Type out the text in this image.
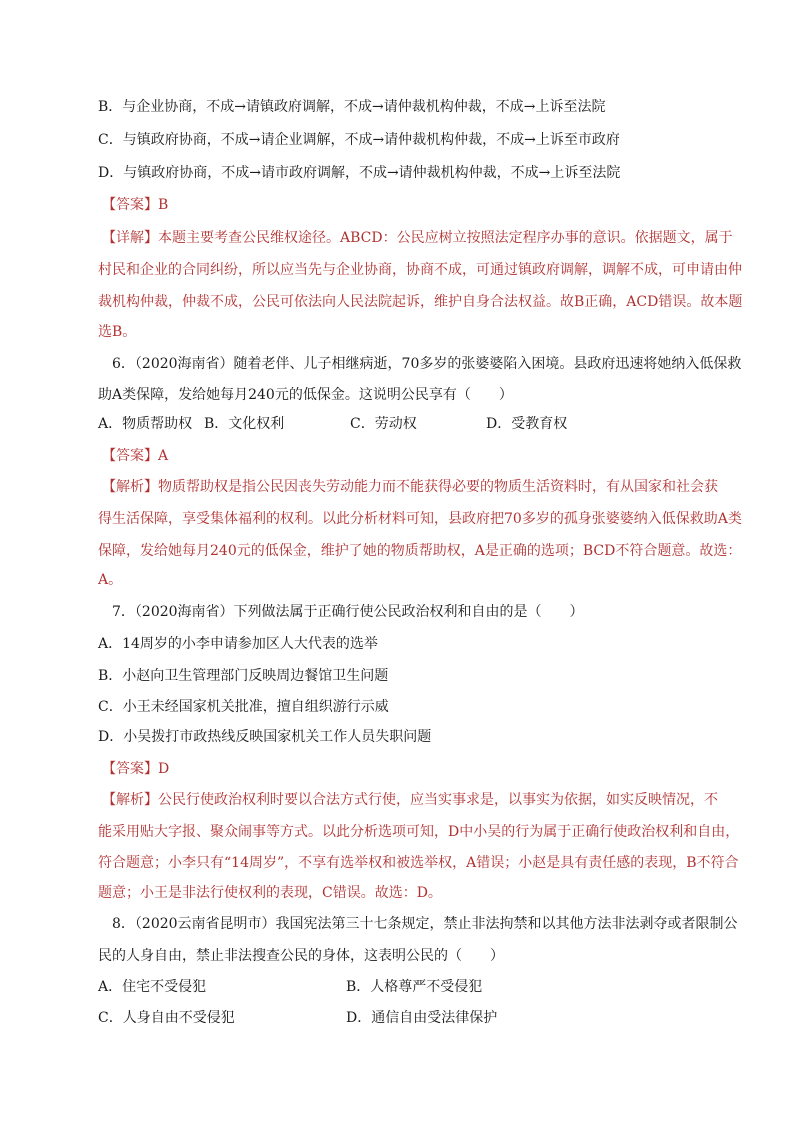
B．与企业协商，不成→请镇政府调解，不成→请仲裁机构仲裁，不成→上诉至法院
C．与镇政府协商，不成→请企业调解，不成→请仲裁机构仲裁，不成→上诉至市政府
D．与镇政府协商，不成→请市政府调解，不成→请仲裁机构仲裁，不成→上诉至法院
【答案】B
【详解】本题主要考查公民维权途径。ABCD：公民应树立按照法定程序办事的意识。依据题文，属于
村民和企业的合同纠纷，所以应当先与企业协商，协商不成，可通过镇政府调解，调解不成，可申请由仲
裁机构仲裁，仲裁不成，公民可依法向人民法院起诉，维护自身合法权益。故B正确，ACD错误。故本题
选B。
6．（2020海南省）随着老伴、儿子相继病逝，70多岁的张婆婆陷入困境。县政府迅速将她纳入低保救
助A类保障，发给她每月240元的低保金。这说明公民享有（　　）
A．物质帮助权 B．文化权利	C．劳动权	D．受教育权
【答案】A
【解析】物质帮助权是指公民因丧失劳动能力而不能获得必要的物质生活资料时，有从国家和社会获
得生活保障，享受集体福利的权利。以此分析材料可知，县政府把70多岁的孤身张婆婆纳入低保救助A类
保障，发给她每月240元的低保金，维护了她的物质帮助权，A是正确的选项；BCD不符合题意。故选：
A。
7．（2020海南省）下列做法属于正确行使公民政治权利和自由的是（　　）
A．14周岁的小李申请参加区人大代表的选举
B．小赵向卫生管理部门反映周边餐馆卫生问题
C．小王未经国家机关批准，擅自组织游行示威
D．小吴拨打市政热线反映国家机关工作人员失职问题
【答案】D
【解析】公民行使政治权利时要以合法方式行使，应当实事求是，以事实为依据，如实反映情况，不
能采用贴大字报、聚众闹事等方式。以此分析选项可知，D中小吴的行为属于正确行使政治权利和自由，
符合题意；小李只有“14周岁”，不享有选举权和被选举权，A错误；小赵是具有责任感的表现，B不符合
题意；小王是非法行使权利的表现，C错误。故选：D。
8．（2020云南省昆明市）我国宪法第三十七条规定，禁止非法拘禁和以其他方法非法剥夺或者限制公
民的人身自由，禁止非法搜查公民的身体，这表明公民的（　　）
A．住宅不受侵犯	B．人格尊严不受侵犯
C．人身自由不受侵犯	D．通信自由受法律保护
